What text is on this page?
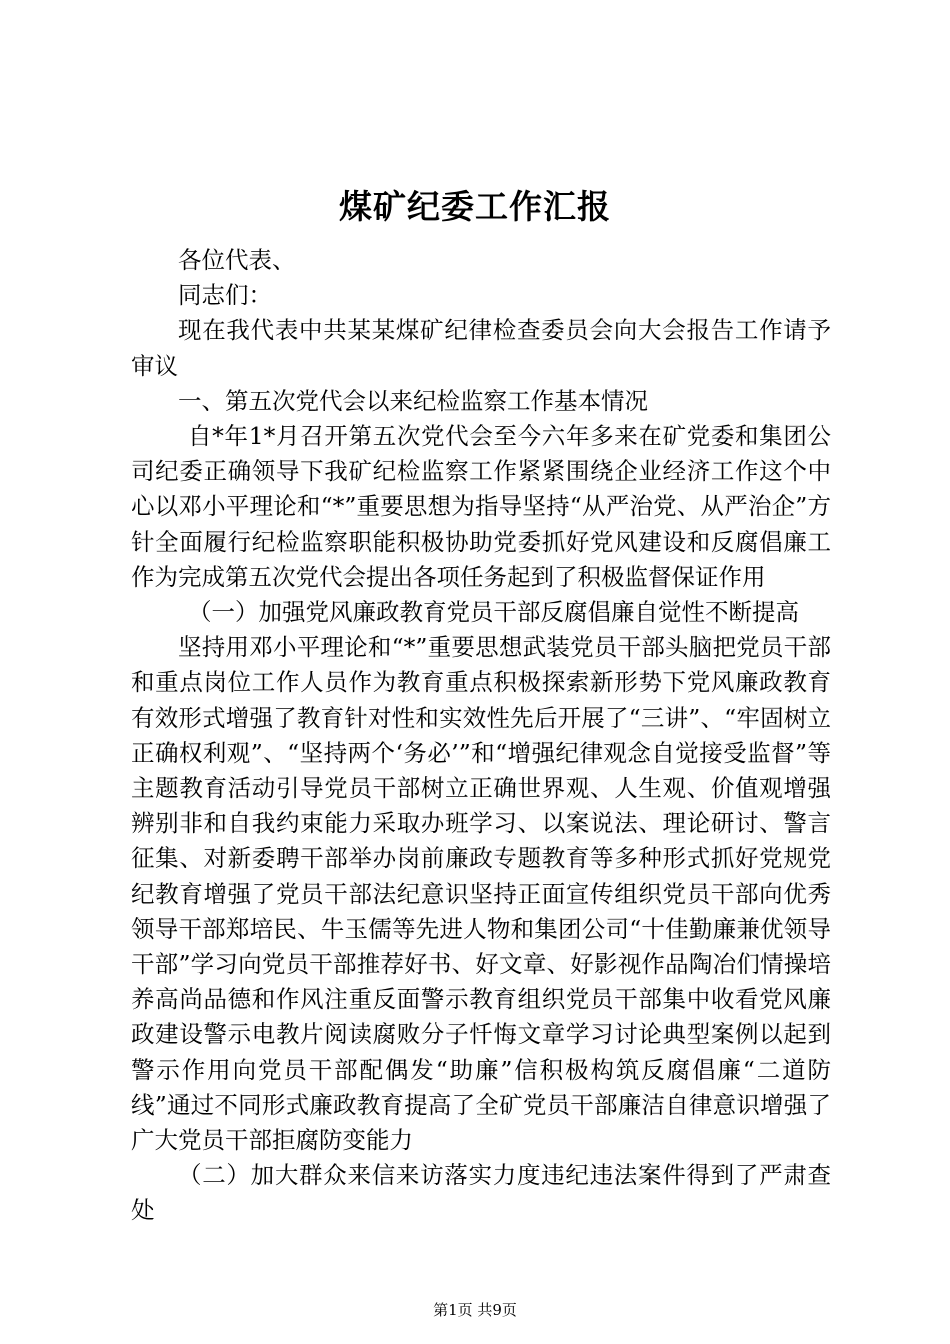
煤矿纪委工作汇报

各位代表、

同志们：

现在我代表中共某某煤矿纪律检查委员会向大会报告工作请予审议

一、第五次党代会以来纪检监察工作基本情况

自*年1*月召开第五次党代会至今六年多来在矿党委和集团公司纪委正确领导下我矿纪检监察工作紧紧围绕企业经济工作这个中心以邓小平理论和“*”重要思想为指导坚持“从严治党、从严治企”方针全面履行纪检监察职能积极协助党委抓好党风建设和反腐倡廉工作为完成第五次党代会提出各项任务起到了积极监督保证作用

（一）加强党风廉政教育党员干部反腐倡廉自觉性不断提高

坚持用邓小平理论和“*”重要思想武装党员干部头脑把党员干部和重点岗位工作人员作为教育重点积极探索新形势下党风廉政教育有效形式增强了教育针对性和实效性先后开展了“三讲”、“牢固树立正确权利观”、“坚持两个‘务必’”和“增强纪律观念自觉接受监督”等主题教育活动引导党员干部树立正确世界观、人生观、价值观增强辨别非和自我约束能力采取办班学习、以案说法、理论研讨、警言征集、对新委聘干部举办岗前廉政专题教育等多种形式抓好党规党纪教育增强了党员干部法纪意识坚持正面宣传组织党员干部向优秀领导干部郑培民、牛玉儒等先进人物和集团公司“十佳勤廉兼优领导干部”学习向党员干部推荐好书、好文章、好影视作品陶冶们情操培养高尚品德和作风注重反面警示教育组织党员干部集中收看党风廉政建设警示电教片阅读腐败分子忏悔文章学习讨论典型案例以起到警示作用向党员干部配偶发“助廉”信积极构筑反腐倡廉“二道防线”通过不同形式廉政教育提高了全矿党员干部廉洁自律意识增强了广大党员干部拒腐防变能力

（二）加大群众来信来访落实力度违纪违法案件得到了严肃查处

第1页 共9页
